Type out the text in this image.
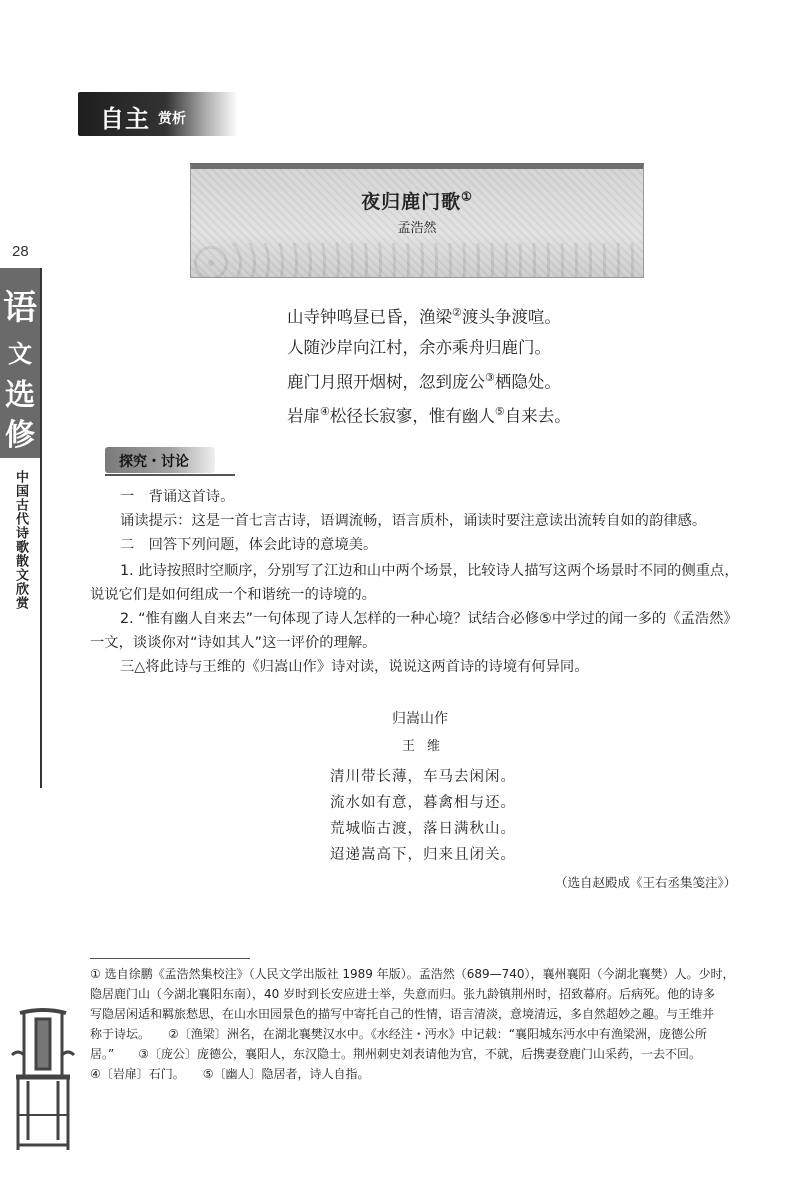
自主 赏析
28
语
文
选
修
中国古代诗歌散文欣赏
夜归鹿门歌①
孟浩然
山寺钟鸣昼已昏，渔梁②渡头争渡喧。
人随沙岸向江村，余亦乘舟归鹿门。
鹿门月照开烟树，忽到庞公③栖隐处。
岩扉④松径长寂寥，惟有幽人⑤自来去。
探究・讨论
一　背诵这首诗。
诵读提示：这是一首七言古诗，语调流畅，语言质朴，诵读时要注意读出流转自如的韵律感。
二　回答下列问题，体会此诗的意境美。
1. 此诗按照时空顺序，分别写了江边和山中两个场景，比较诗人描写这两个场景时不同的侧重点，说说它们是如何组成一个和谐统一的诗境的。
2. “惟有幽人自来去”一句体现了诗人怎样的一种心境？试结合必修⑤中学过的闻一多的《孟浩然》一文，谈谈你对“诗如其人”这一评价的理解。
三△将此诗与王维的《归嵩山作》诗对读，说说这两首诗的诗境有何异同。
归嵩山作
王维
清川带长薄，车马去闲闲。
流水如有意，暮禽相与还。
荒城临古渡，落日满秋山。
迢递嵩高下，归来且闭关。
（选自赵殿成《王右丞集笺注》）

① 选自徐鹏《孟浩然集校注》（人民文学出版社 1989 年版）。孟浩然（689—740），襄州襄阳（今湖北襄樊）人。少时，

隐居鹿门山（今湖北襄阳东南），40 岁时到长安应进士举，失意而归。张九龄镇荆州时，招致幕府。后病死。他的诗多

写隐居闲适和羁旅愁思，在山水田园景色的描写中寄托自己的性情，语言清淡，意境清远，多自然超妙之趣。与王维并

称于诗坛。　　②〔渔梁〕洲名，在湖北襄樊汉水中。《水经注・沔水》中记载：“襄阳城东沔水中有渔梁洲，庞德公所

居。”　　③〔庞公〕庞德公，襄阳人，东汉隐士。荆州刺史刘表请他为官，不就，后携妻登鹿门山采药，一去不回。

④〔岩扉〕石门。　　⑤〔幽人〕隐居者，诗人自指。
